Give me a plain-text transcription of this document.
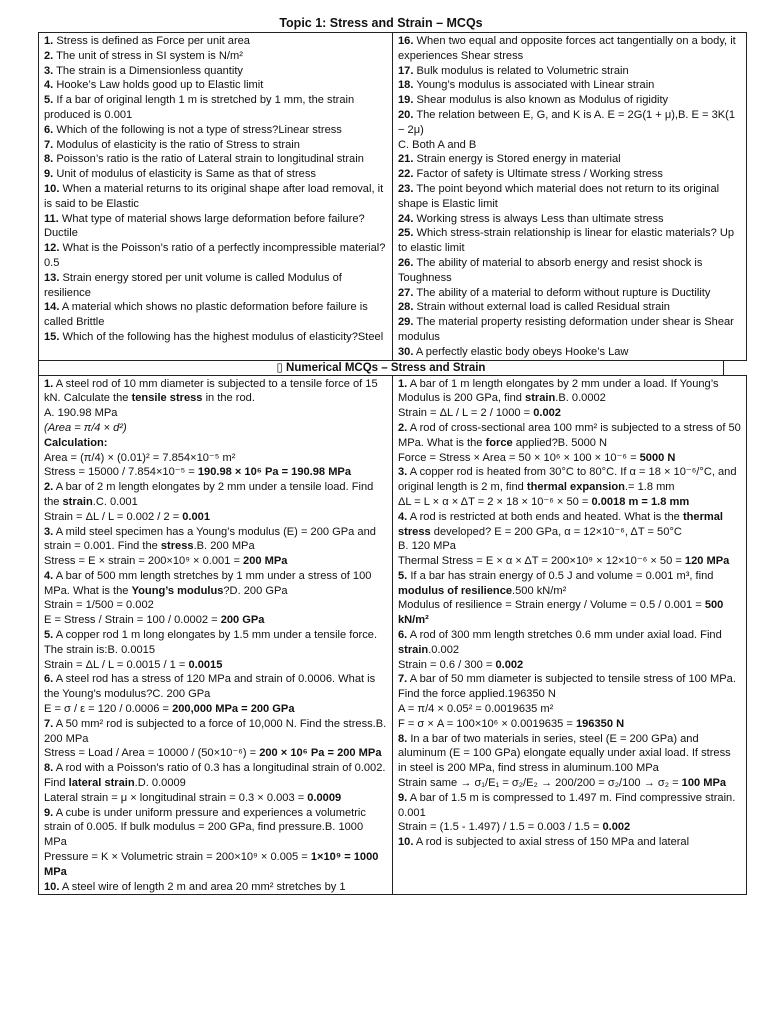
Topic 1: Stress and Strain – MCQs
1. Stress is defined as Force per unit area
2. The unit of stress in SI system is N/m²
3. The strain is a Dimensionless quantity
4. Hooke’s Law holds good up to Elastic limit
5. If a bar of original length 1 m is stretched by 1 mm, the strain produced is 0.001
6. Which of the following is not a type of stress?Linear stress
7. Modulus of elasticity is the ratio of Stress to strain
8. Poisson’s ratio is the ratio of Lateral strain to longitudinal strain
9. Unit of modulus of elasticity is Same as that of stress
10. When a material returns to its original shape after load removal, it is said to be Elastic
11. What type of material shows large deformation before failure? Ductile
12. What is the Poisson’s ratio of a perfectly incompressible material?0.5
13. Strain energy stored per unit volume is called Modulus of resilience
14. A material which shows no plastic deformation before failure is called Brittle
15. Which of the following has the highest modulus of elasticity?Steel

16. When two equal and opposite forces act tangentially on a body, it experiences Shear stress
17. Bulk modulus is related to Volumetric strain
18. Young’s modulus is associated with Linear strain
19. Shear modulus is also known as Modulus of rigidity
20. The relation between E, G, and K is A. E = 2G(1 + μ),B. E = 3K(1 − 2μ)
C. Both A and B
21. Strain energy is Stored energy in material
22. Factor of safety is Ultimate stress / Working stress
23. The point beyond which material does not return to its original shape is Elastic limit
24. Working stress is always Less than ultimate stress
25. Which stress-strain relationship is linear for elastic materials? Up to elastic limit
26. The ability of material to absorb energy and resist shock is Toughness
27. The ability of a material to deform without rupture is Ductility
28. Strain without external load is called Residual strain
29. The material property resisting deformation under shear is Shear modulus
30. A perfectly elastic body obeys Hooke’s Law
▯ Numerical MCQs – Stress and Strain
1. A steel rod of 10 mm diameter is subjected to a tensile force of 15 kN. Calculate the tensile stress in the rod.
A. 190.98 MPa
(Area = π/4 × d²)
Calculation:
Area = (π/4) × (0.01)² = 7.854×10⁻⁵ m²
Stress = 15000 / 7.854×10⁻⁵ = 190.98 × 10⁶ Pa = 190.98 MPa
2. A bar of 2 m length elongates by 2 mm under a tensile load. Find the strain.C. 0.001
Strain = ΔL / L = 0.002 / 2 = 0.001
3. A mild steel specimen has a Young’s modulus (E) = 200 GPa and strain = 0.001. Find the stress.B. 200 MPa
Stress = E × strain = 200×10⁹ × 0.001 = 200 MPa
4. A bar of 500 mm length stretches by 1 mm under a stress of 100 MPa. What is the Young’s modulus?D. 200 GPa
Strain = 1/500 = 0.002
E = Stress / Strain = 100 / 0.0002 = 200 GPa
5. A copper rod 1 m long elongates by 1.5 mm under a tensile force. The strain is:B. 0.0015
Strain = ΔL / L = 0.0015 / 1 = 0.0015
6. A steel rod has a stress of 120 MPa and strain of 0.0006. What is the Young’s modulus?C. 200 GPa
E = σ / ε = 120 / 0.0006 = 200,000 MPa = 200 GPa
7. A 50 mm² rod is subjected to a force of 10,000 N. Find the stress.B. 200 MPa
Stress = Load / Area = 10000 / (50×10⁻⁶) = 200 × 10⁶ Pa = 200 MPa
8. A rod with a Poisson’s ratio of 0.3 has a longitudinal strain of 0.002. Find lateral strain.D. 0.0009
Lateral strain = μ × longitudinal strain = 0.3 × 0.003 = 0.0009
9. A cube is under uniform pressure and experiences a volumetric strain of 0.005. If bulk modulus = 200 GPa, find pressure.B. 1000 MPa
Pressure = K × Volumetric strain = 200×10⁹ × 0.005 = 1×10⁹ = 1000 MPa
10. A steel wire of length 2 m and area 20 mm² stretches by 1

1. A bar of 1 m length elongates by 2 mm under a load. If Young’s Modulus is 200 GPa, find strain.B. 0.0002
Strain = ΔL / L = 2 / 1000 = 0.002
2. A rod of cross-sectional area 100 mm² is subjected to a stress of 50 MPa. What is the force applied?B. 5000 N
Force = Stress × Area = 50 × 10⁶ × 100 × 10⁻⁶ = 5000 N
3. A copper rod is heated from 30°C to 80°C. If α = 18 × 10⁻⁶/°C, and original length is 2 m, find thermal expansion.= 1.8 mm
ΔL = L × α × ΔT = 2 × 18 × 10⁻⁶ × 50 = 0.0018 m = 1.8 mm
4. A rod is restricted at both ends and heated. What is the thermal stress developed? E = 200 GPa, α = 12×10⁻⁶, ΔT = 50°C
B. 120 MPa
Thermal Stress = E × α × ΔT = 200×10⁹ × 12×10⁻⁶ × 50 = 120 MPa
5. If a bar has strain energy of 0.5 J and volume = 0.001 m³, find modulus of resilience.500 kN/m²
Modulus of resilience = Strain energy / Volume = 0.5 / 0.001 = 500 kN/m²
6. A rod of 300 mm length stretches 0.6 mm under axial load. Find strain.0.002
Strain = 0.6 / 300 = 0.002
7. A bar of 50 mm diameter is subjected to tensile stress of 100 MPa. Find the force applied.196350 N
A = π/4 × 0.05² = 0.0019635 m²
F = σ × A = 100×10⁶ × 0.0019635 = 196350 N
8. In a bar of two materials in series, steel (E = 200 GPa) and aluminum (E = 100 GPa) elongate equally under axial load. If stress in steel is 200 MPa, find stress in aluminum.100 MPa
Strain same → σ₁/E₁ = σ₂/E₂ → 200/200 = σ₂/100 → σ₂ = 100 MPa
9. A bar of 1.5 m is compressed to 1.497 m. Find compressive strain. 0.001
Strain = (1.5 - 1.497) / 1.5 = 0.003 / 1.5 = 0.002
10. A rod is subjected to axial stress of 150 MPa and lateral
